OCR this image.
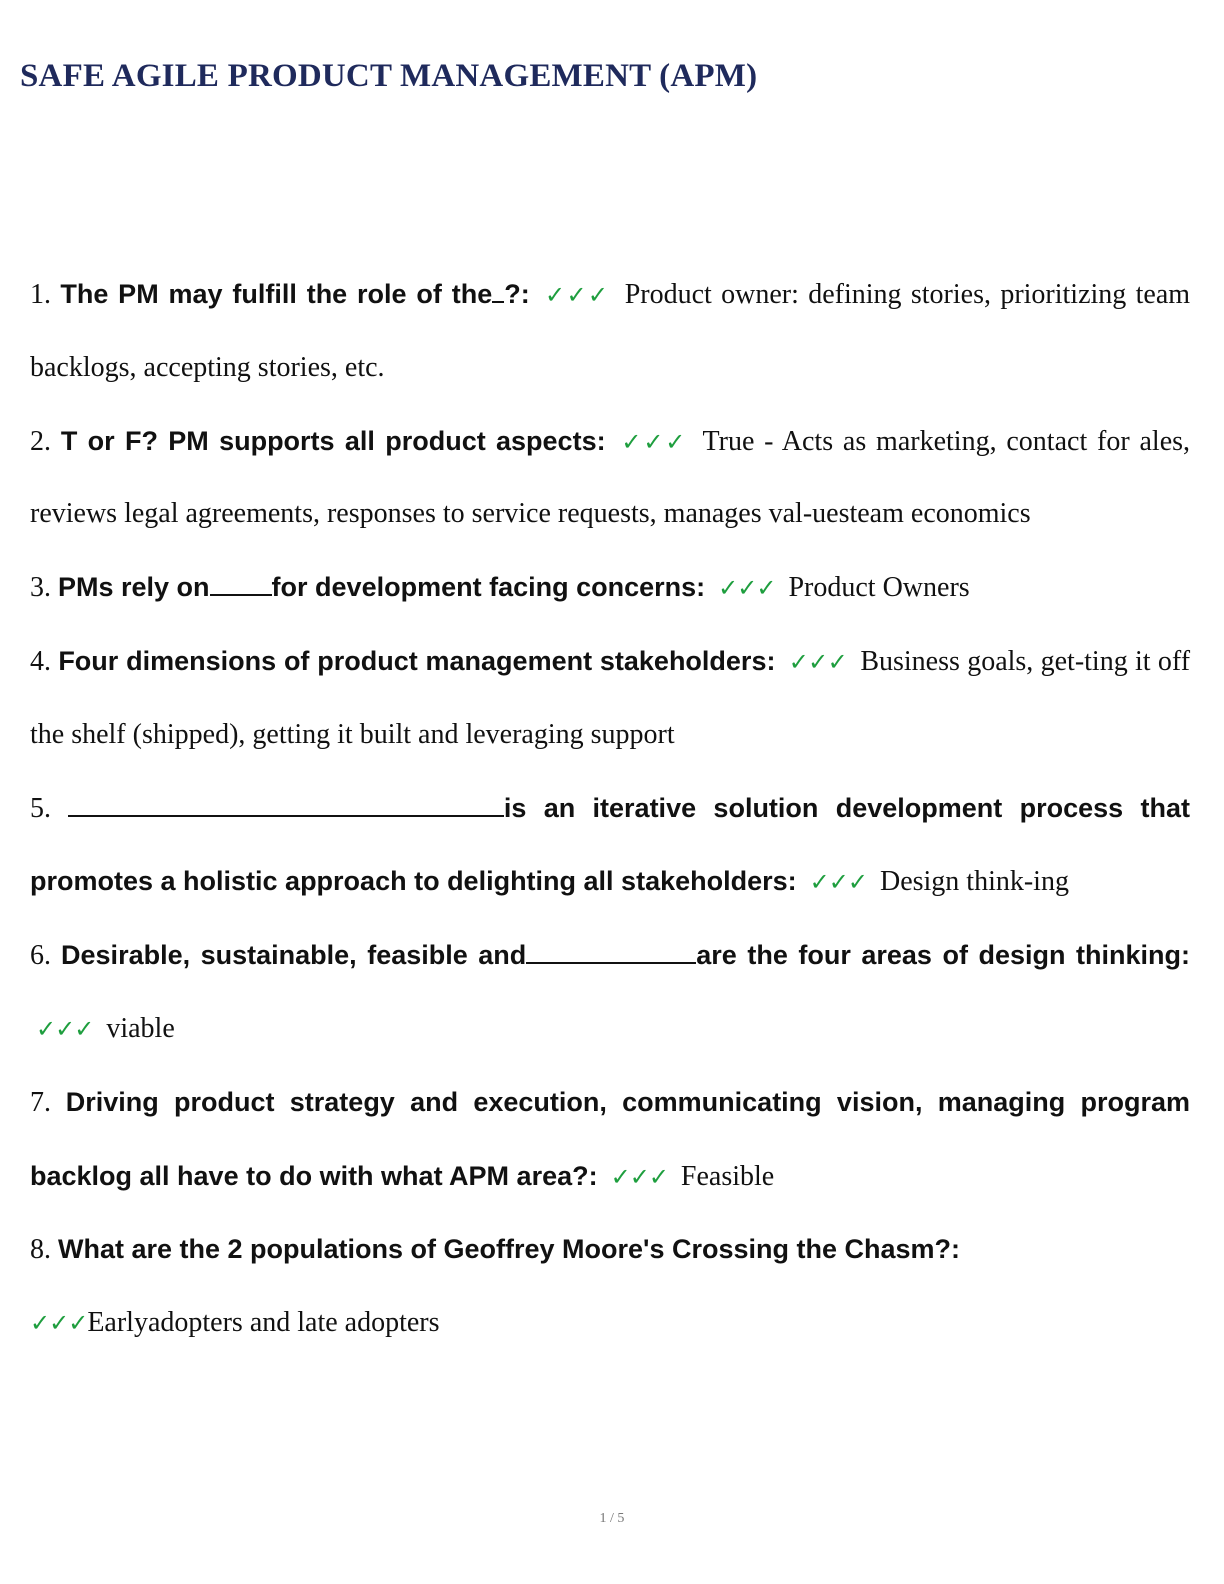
SAFE AGILE PRODUCT MANAGEMENT (APM)

1. The PM may fulfill the role of the ?: ✓✓✓ Product owner: defining stories, prioritizing team backlogs, accepting stories, etc.

2. T or F? PM supports all product aspects: ✓✓✓ True - Acts as marketing, contact for ales, reviews legal agreements, responses to service requests, manages val-uesteam economics

3. PMs rely on for development facing concerns: ✓✓✓ Product Owners

4. Four dimensions of product management stakeholders: ✓✓✓ Business goals, get-ting it off the shelf (shipped), getting it built and leveraging support

5.	is an iterative solution development process that promotes a holistic approach to delighting all stakeholders: ✓✓✓ Design think-ing

6. Desirable, sustainable, feasible and	are the four areas of design thinking: ✓✓✓ viable

7. Driving product strategy and execution, communicating vision, managing program backlog all have to do with what APM area?: ✓✓✓ Feasible

8. What are the 2 populations of Geoffrey Moore's Crossing the Chasm?:
✓✓✓Earlyadopters and late adopters

1 / 5
